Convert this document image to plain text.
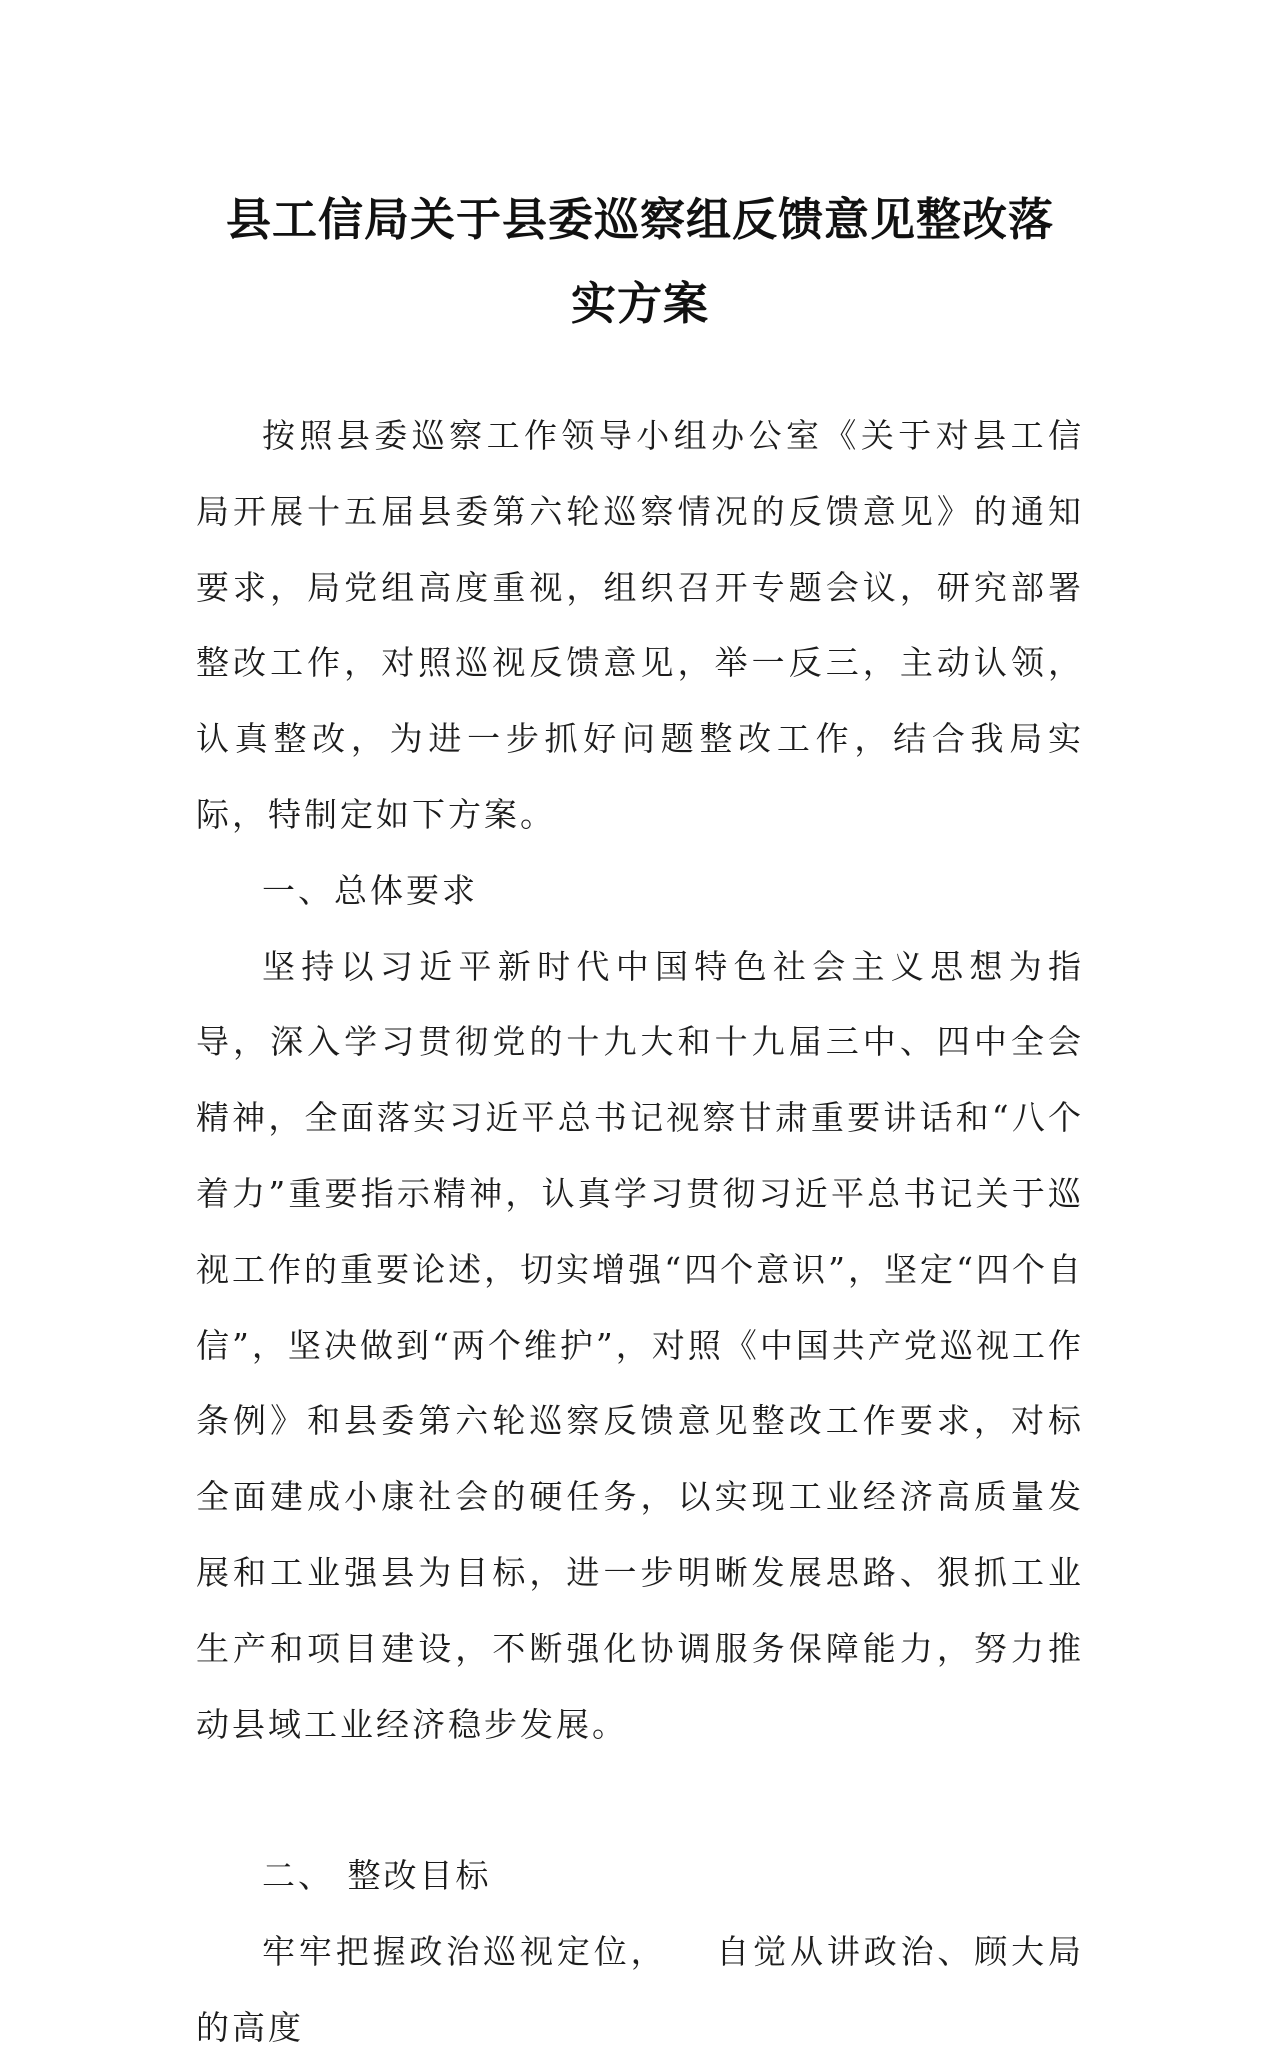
县工信局关于县委巡察组反馈意见整改落
实方案

按照县委巡察工作领导小组办公室《关于对县工信局开展十五届县委第六轮巡察情况的反馈意见》的通知要求，局党组高度重视，组织召开专题会议，研究部署整改工作，对照巡视反馈意见，举一反三，主动认领，认真整改，为进一步抓好问题整改工作，结合我局实际，特制定如下方案。

一、总体要求

坚持以习近平新时代中国特色社会主义思想为指导，深入学习贯彻党的十九大和十九届三中、四中全会精神，全面落实习近平总书记视察甘肃重要讲话和“八个着力”重要指示精神，认真学习贯彻习近平总书记关于巡视工作的重要论述，切实增强“四个意识”，坚定“四个自信”，坚决做到“两个维护”，对照《中国共产党巡视工作条例》和县委第六轮巡察反馈意见整改工作要求，对标全面建成小康社会的硬任务，以实现工业经济高质量发展和工业强县为目标，进一步明晰发展思路、狠抓工业生产和项目建设，不断强化协调服务保障能力，努力推动县域工业经济稳步发展。

二、 整改目标

牢牢把握政治巡视定位， 自觉从讲政治、顾大局的高度
